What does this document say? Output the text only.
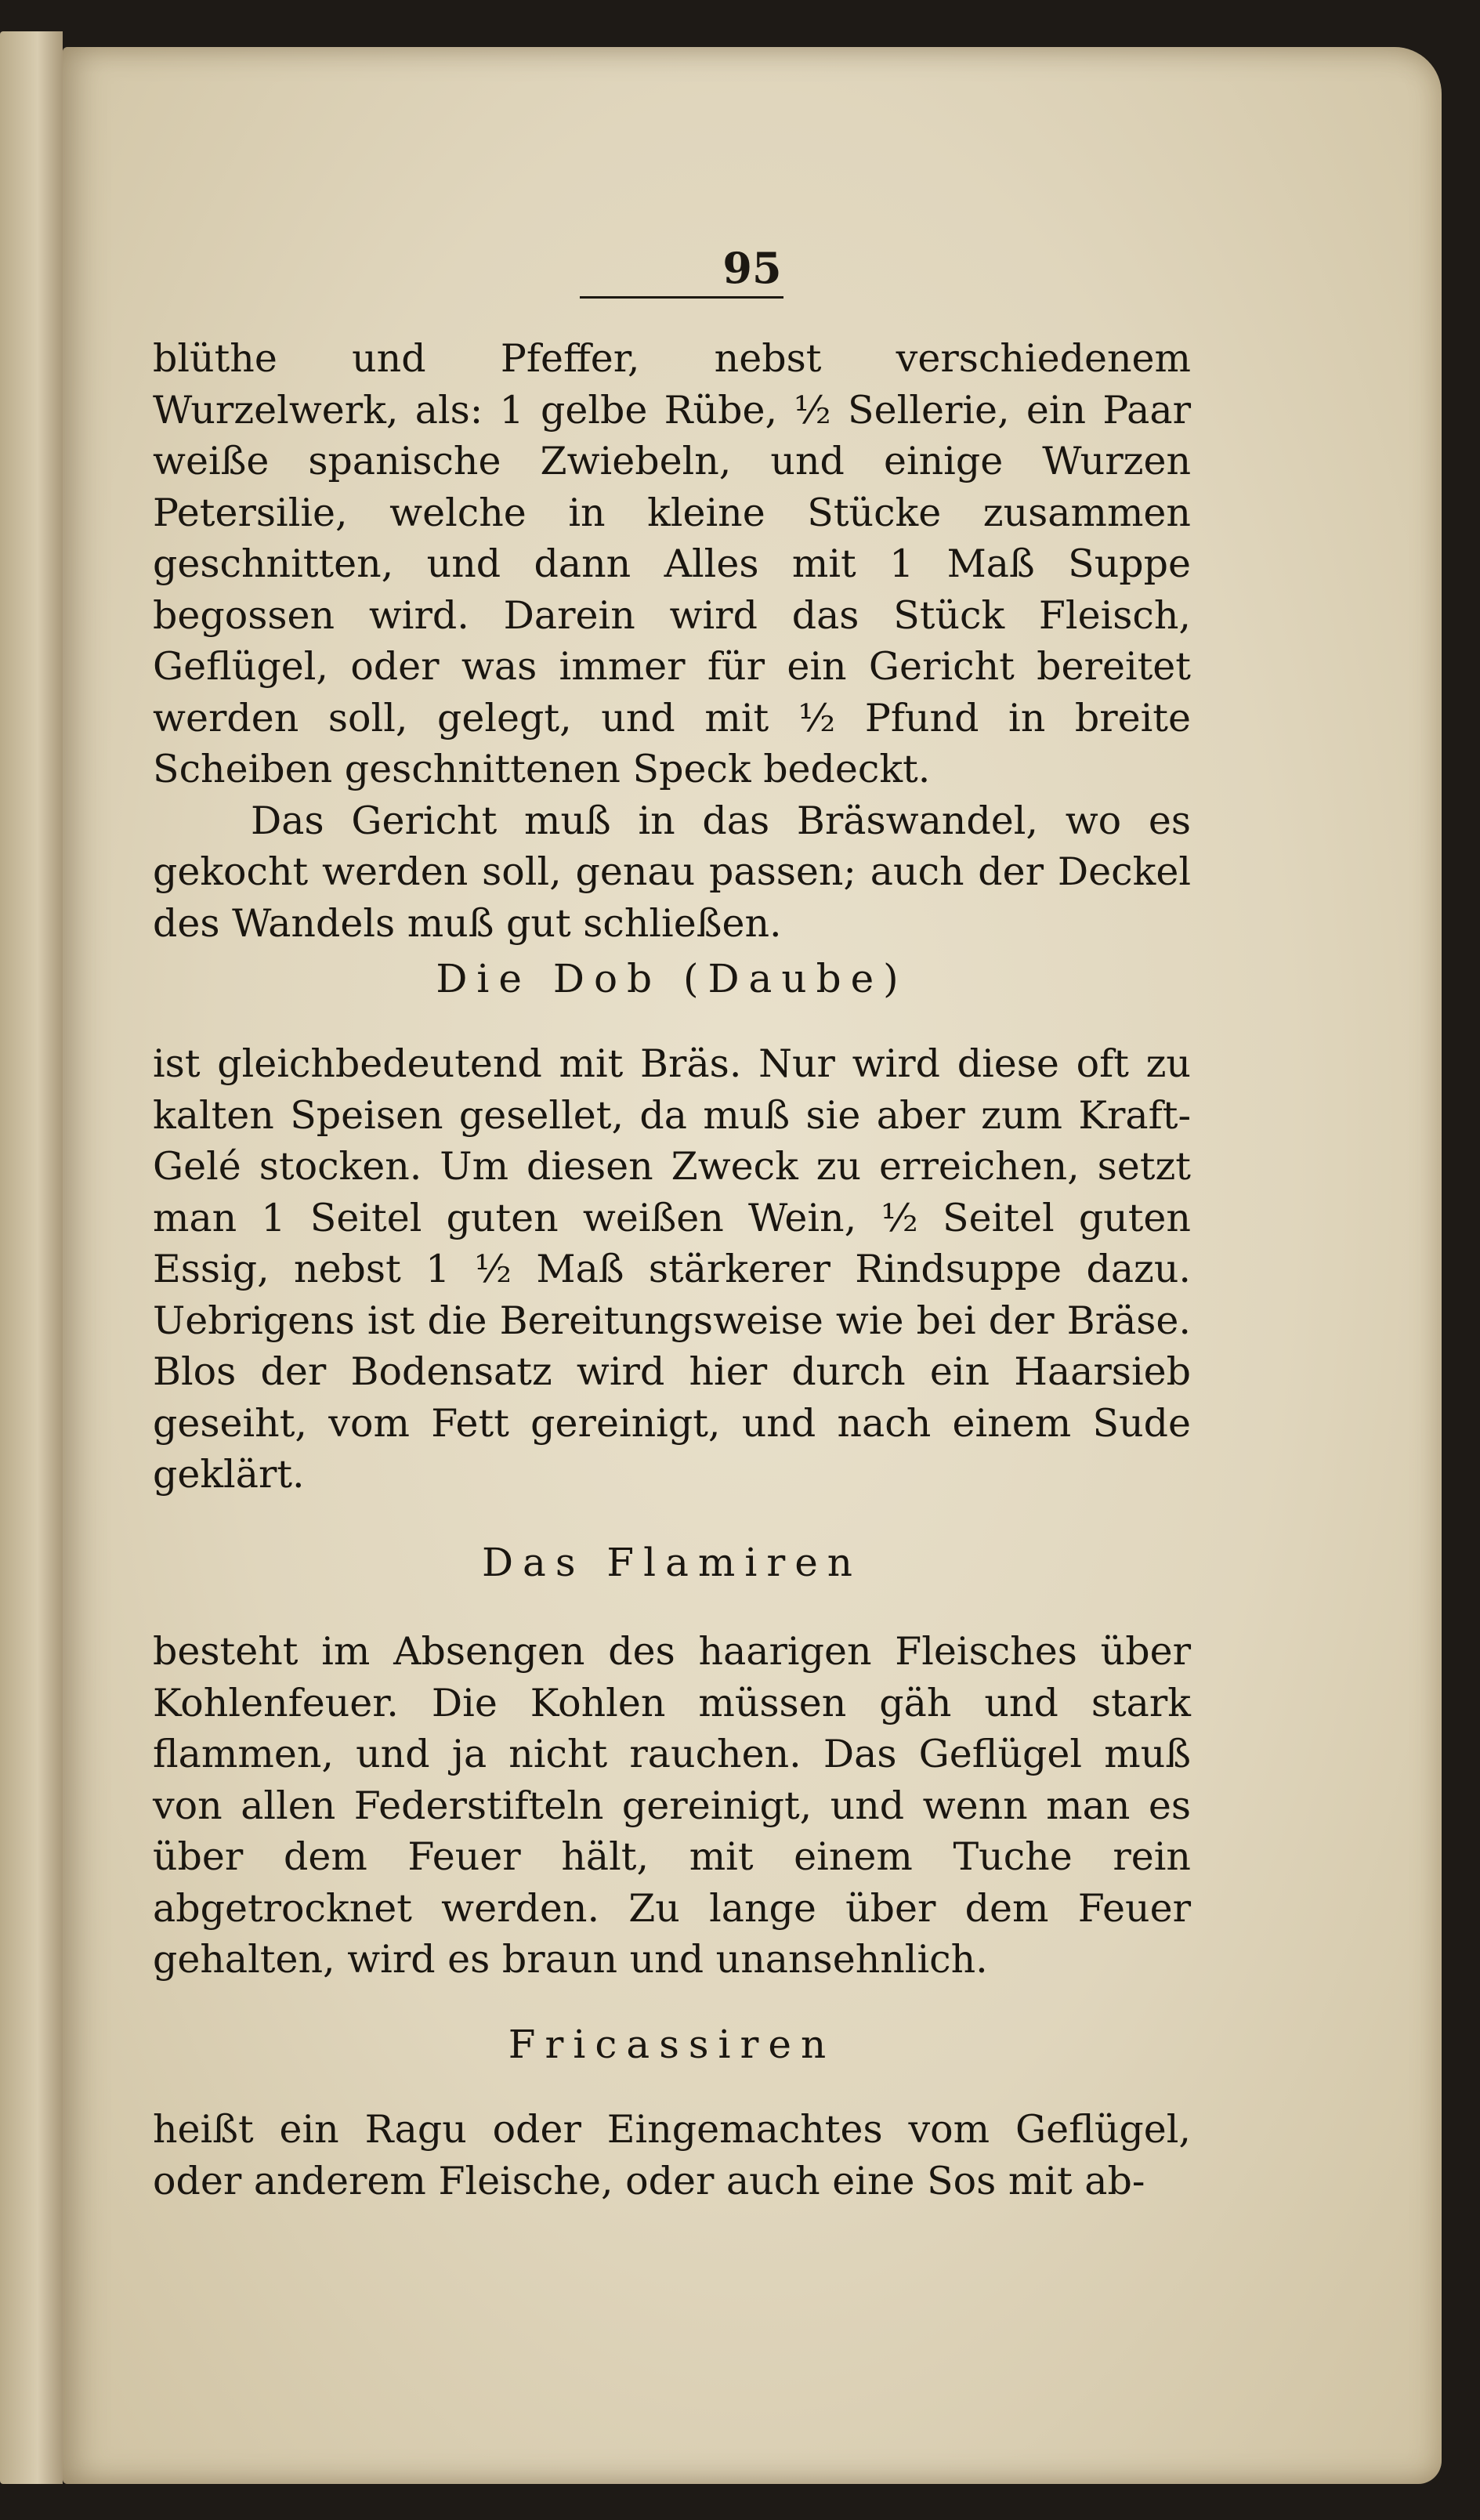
95

blüthe und Pfeffer, nebst verschiedenem Wurzelwerk, als: 1 gelbe Rübe, ½ Sellerie, ein Paar weiße spanische Zwiebeln, und einige Wurzen Petersilie, welche in kleine Stücke zusammen geschnitten, und dann Alles mit 1 Maß Suppe begossen wird. Darein wird das Stück Fleisch, Geflügel, oder was immer für ein Gericht bereitet werden soll, gelegt, und mit ½ Pfund in breite Scheiben geschnittenen Speck bedeckt.

Das Gericht muß in das Bräswandel, wo es gekocht werden soll, genau passen; auch der Deckel des Wandels muß gut schließen.

Die Dob (Daube)

ist gleichbedeutend mit Bräs. Nur wird diese oft zu kalten Speisen gesellet, da muß sie aber zum Kraft-Gelé stocken. Um diesen Zweck zu erreichen, setzt man 1 Seitel guten weißen Wein, ½ Seitel guten Essig, nebst 1 ½ Maß stärkerer Rindsuppe dazu. Uebrigens ist die Bereitungsweise wie bei der Bräse. Blos der Bodensatz wird hier durch ein Haarsieb geseiht, vom Fett gereinigt, und nach einem Sude geklärt.

Das Flamiren

besteht im Absengen des haarigen Fleisches über Kohlenfeuer. Die Kohlen müssen gäh und stark flammen, und ja nicht rauchen. Das Geflügel muß von allen Federstifteln gereinigt, und wenn man es über dem Feuer hält, mit einem Tuche rein abgetrocknet werden. Zu lange über dem Feuer gehalten, wird es braun und unansehnlich.

Fricassiren

heißt ein Ragu oder Eingemachtes vom Geflügel, oder anderem Fleische, oder auch eine Sos mit ab-
